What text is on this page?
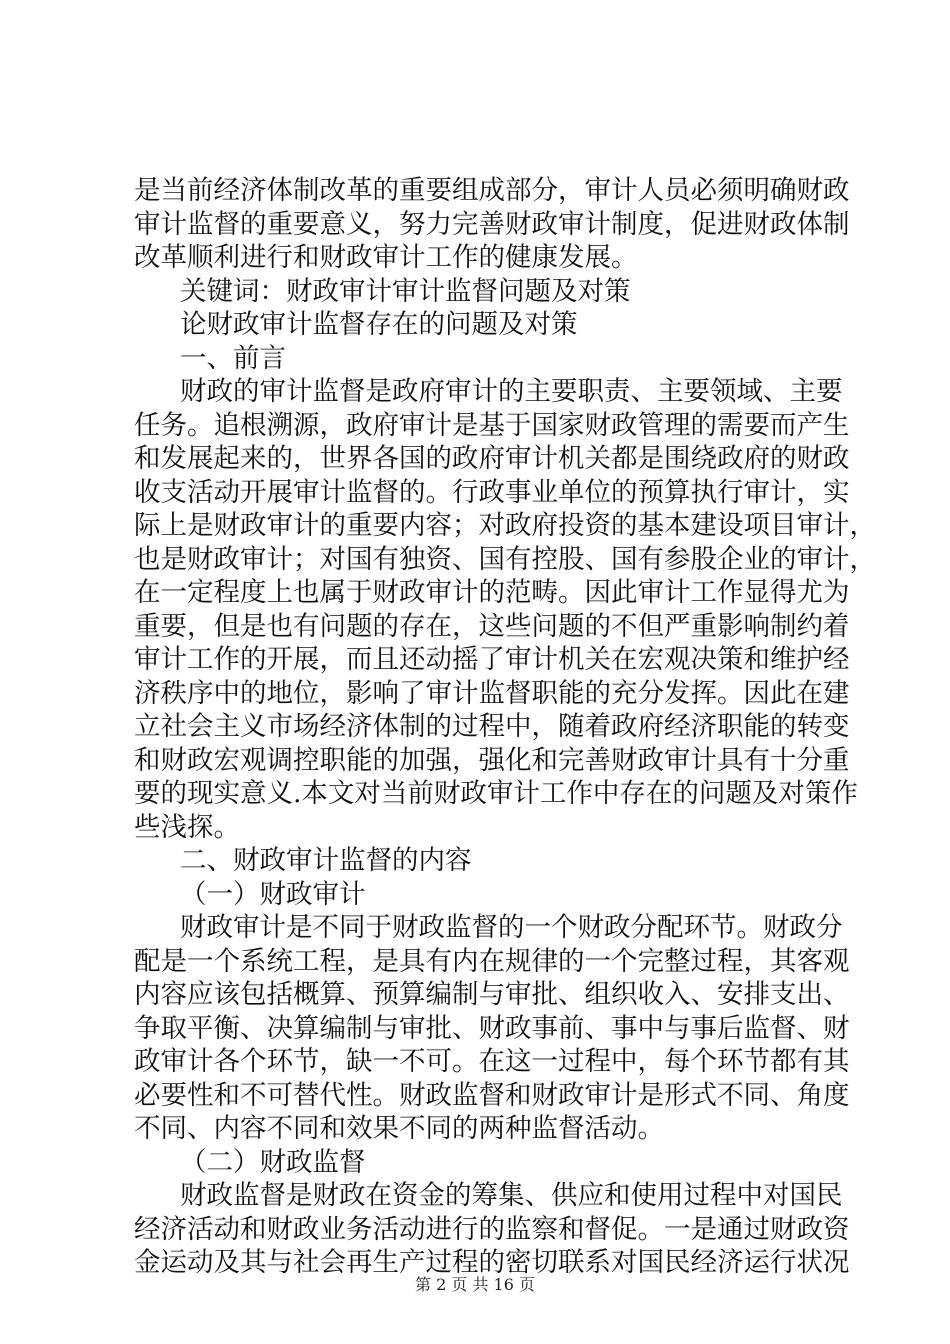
是当前经济体制改革的重要组成部分，审计人员必须明确财政
审计监督的重要意义，努力完善财政审计制度，促进财政体制
改革顺利进行和财政审计工作的健康发展。
关键词：财政审计审计监督问题及对策
论财政审计监督存在的问题及对策
一、前言
财政的审计监督是政府审计的主要职责、主要领域、主要
任务。追根溯源，政府审计是基于国家财政管理的需要而产生
和发展起来的，世界各国的政府审计机关都是围绕政府的财政
收支活动开展审计监督的。行政事业单位的预算执行审计，实
际上是财政审计的重要内容；对政府投资的基本建设项目审计，
也是财政审计；对国有独资、国有控股、国有参股企业的审计，
在一定程度上也属于财政审计的范畴。因此审计工作显得尤为
重要，但是也有问题的存在，这些问题的不但严重影响制约着
审计工作的开展，而且还动摇了审计机关在宏观决策和维护经
济秩序中的地位，影响了审计监督职能的充分发挥。因此在建
立社会主义市场经济体制的过程中，随着政府经济职能的转变
和财政宏观调控职能的加强，强化和完善财政审计具有十分重
要的现实意义.本文对当前财政审计工作中存在的问题及对策作
些浅探。
二、财政审计监督的内容
（一）财政审计
财政审计是不同于财政监督的一个财政分配环节。财政分
配是一个系统工程，是具有内在规律的一个完整过程，其客观
内容应该包括概算、预算编制与审批、组织收入、安排支出、
争取平衡、决算编制与审批、财政事前、事中与事后监督、财
政审计各个环节，缺一不可。在这一过程中，每个环节都有其
必要性和不可替代性。财政监督和财政审计是形式不同、角度
不同、内容不同和效果不同的两种监督活动。
（二）财政监督
财政监督是财政在资金的筹集、供应和使用过程中对国民
经济活动和财政业务活动进行的监察和督促。一是通过财政资
金运动及其与社会再生产过程的密切联系对国民经济运行状况
第 2 页 共 16 页
